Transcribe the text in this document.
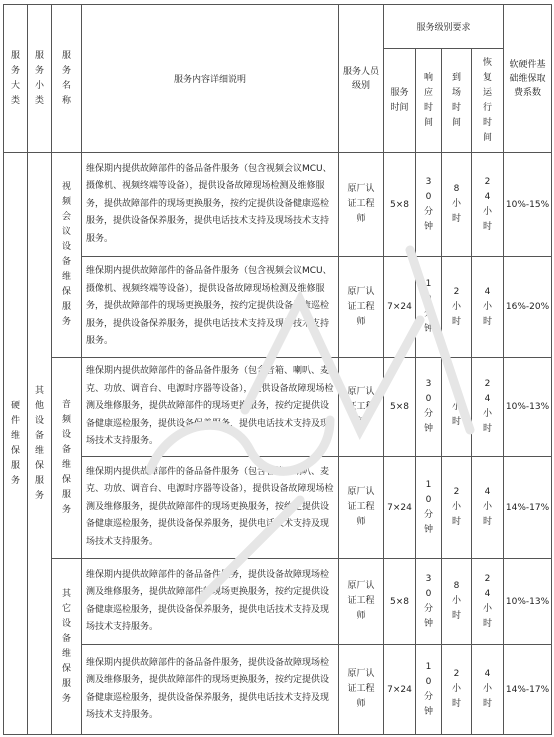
服务大类	服务小类	服务名称	服务内容详细说明	服务人员级别	服务级别要求				软硬件基础维保取费系数
					服务时间	响应时间	到场时间	恢复运行时间	
硬件维保服务	其他设备维保服务	视频会议设备维保服务	维保期内提供故障部件的备品备件服务（包含视频会议MCU、摄像机、视频终端等设备），提供设备故障现场检测及维修服务，提供故障部件的现场更换服务，按约定提供设备健康巡检服务，提供设备保养服务，提供电话技术支持及现场技术支持服务。	原厂认证工程师	5×8	30分钟	8小时	24小时	10%-15%
			维保期内提供故障部件的备品备件服务（包含视频会议MCU、摄像机、视频终端等设备），提供设备故障现场检测及维修服务，提供故障部件的现场更换服务，按约定提供设备健康巡检服务，提供设备保养服务，提供电话技术支持及现场技术支持服务。	原厂认证工程师	7×24	10分钟	2小时	4小时	16%-20%
		音频设备维保服务	维保期内提供故障部件的备品备件服务（包含音箱、喇叭、麦克、功放、调音台、电源时序器等设备），提供设备故障现场检测及维修服务，提供故障部件的现场更换服务，按约定提供设备健康巡检服务，提供设备保养服务，提供电话技术支持及现场技术支持服务。	原厂认证工程师	5×8	30分钟	8小时	24小时	10%-13%
			维保期内提供故障部件的备品备件服务（包含音箱、喇叭、麦克、功放、调音台、电源时序器等设备），提供设备故障现场检测及维修服务，提供故障部件的现场更换服务，按约定提供设备健康巡检服务，提供设备保养服务，提供电话技术支持及现场技术支持服务。	原厂认证工程师	7×24	10分钟	2小时	4小时	14%-17%
		其它设备维保服务	维保期内提供故障部件的备品备件服务，提供设备故障现场检测及维修服务，提供故障部件的现场更换服务，按约定提供设备健康巡检服务，提供设备保养服务，提供电话技术支持及现场技术支持服务。	原厂认证工程师	5×8	30分钟	8小时	24小时	10%-13%
			维保期内提供故障部件的备品备件服务，提供设备故障现场检测及维修服务，提供故障部件的现场更换服务，按约定提供设备健康巡检服务，提供设备保养服务，提供电话技术支持及现场技术支持服务。	原厂认证工程师	7×24	10分钟	2小时	4小时	14%-17%
